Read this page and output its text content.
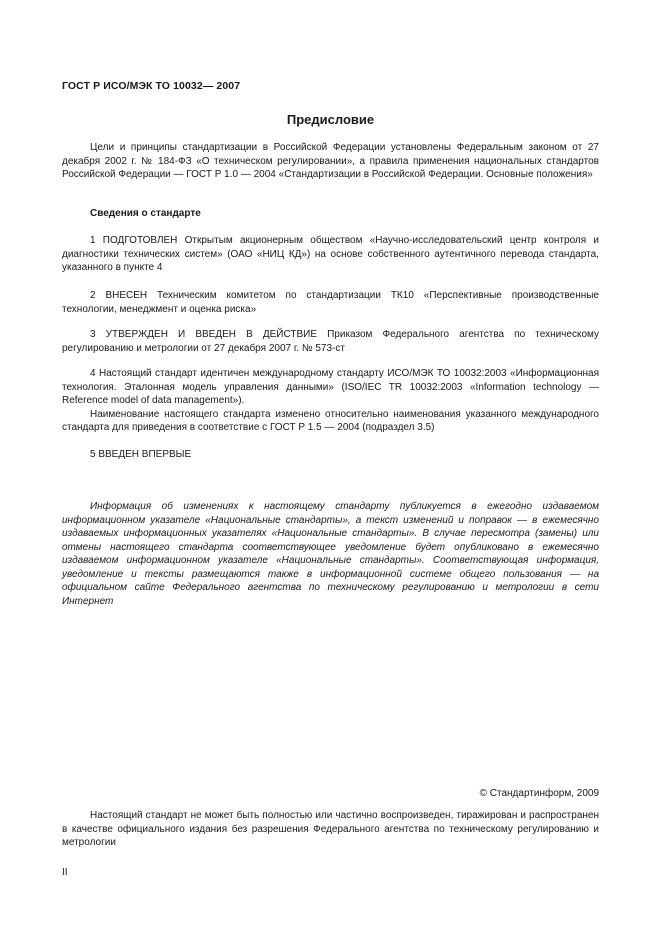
ГОСТ Р ИСО/МЭК ТО 10032— 2007
Предисловие

Цели и принципы стандартизации в Российской Федерации установлены Федеральным законом от 27 декабря 2002 г. № 184-ФЗ «О техническом регулировании», а правила применения национальных стандартов Российской Федерации — ГОСТ Р 1.0 — 2004 «Стандартизации в Российской Федерации. Основные положения»

Сведения о стандарте

1 ПОДГОТОВЛЕН Открытым акционерным обществом «Научно-исследовательский центр контроля и диагностики технических систем» (ОАО «НИЦ КД») на основе собственного аутентичного перевода стандарта, указанного в пункте 4

2 ВНЕСЕН Техническим комитетом по стандартизации ТК10 «Перспективные производственные технологии, менеджмент и оценка риска»

3 УТВЕРЖДЕН И ВВЕДЕН В ДЕЙСТВИЕ Приказом Федерального агентства по техническому регулированию и метрологии от 27 декабря 2007 г. № 573-ст

4 Настоящий стандарт идентичен международному стандарту ИСО/МЭК ТО 10032:2003 «Информационная технология. Эталонная модель управления данными» (ISO/IEC TR 10032:2003 «Information technology — Reference model of data management»).

Наименование настоящего стандарта изменено относительно наименования указанного международного стандарта для приведения в соответствие с ГОСТ Р 1.5 — 2004 (подраздел 3.5)

5 ВВЕДЕН ВПЕРВЫЕ

Информация об изменениях к настоящему стандарту публикуется в ежегодно издаваемом информационном указателе «Национальные стандарты», а текст изменений и поправок — в ежемесячно издаваемых информационных указателях «Национальные стандарты». В случае пересмотра (замены) или отмены настоящего стандарта соответствующее уведомление будет опубликовано в ежемесячно издаваемом информационном указателе «Национальные стандарты». Соответствующая информация, уведомление и тексты размещаются также в информационной системе общего пользования — на официальном сайте Федерального агентства по техническому регулированию и метрологии в сети Интернет

© Стандартинформ, 2009

Настоящий стандарт не может быть полностью или частично воспроизведен, тиражирован и распространен в качестве официального издания без разрешения Федерального агентства по техническому регулированию и метрологии

II
